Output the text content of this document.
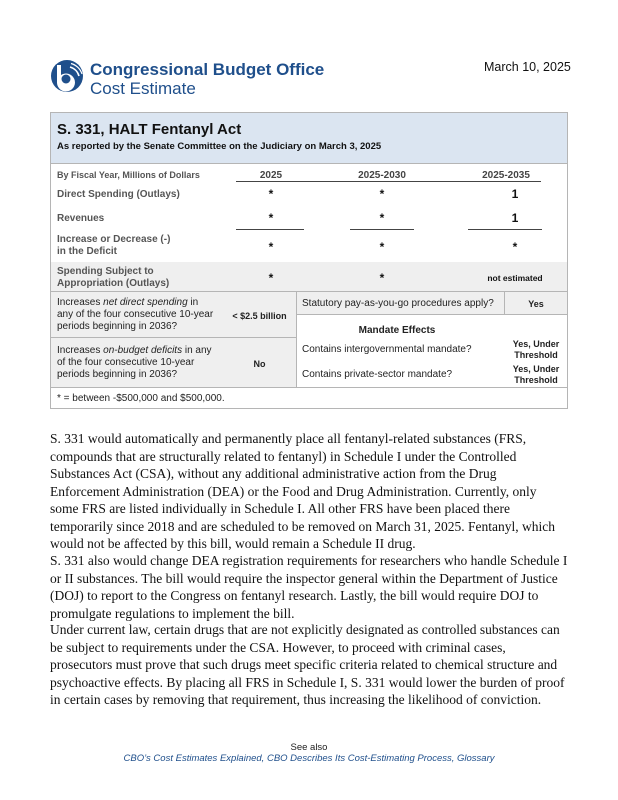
Congressional Budget Office
Cost Estimate
March 10, 2025
S. 331, HALT Fentanyl Act
As reported by the Senate Committee on the Judiciary on March 3, 2025
By Fiscal Year, Millions of Dollars	2025	2025-2030	2025-2035
Direct Spending (Outlays)	*	*	1
Revenues	*	*	1
Increase or Decrease (-)
in the Deficit	*	*	*
Spending Subject to
Appropriation (Outlays)	*	*	not estimated
Increases net direct spending in any of the four consecutive 10-year periods beginning in 2036?
< $2.5 billion
Increases on-budget deficits in any of the four consecutive 10-year periods beginning in 2036?
No
Statutory pay-as-you-go procedures apply?	Yes
Mandate Effects
Contains intergovernmental mandate?	Yes, Under
Threshold
Contains private-sector mandate?	Yes, Under
Threshold
* = between -$500,000 and $500,000.

S. 331 would automatically and permanently place all fentanyl-related substances (FRS, compounds that are structurally related to fentanyl) in Schedule I under the Controlled Substances Act (CSA), without any additional administrative action from the Drug Enforcement Administration (DEA) or the Food and Drug Administration. Currently, only some FRS are listed individually in Schedule I. All other FRS have been placed there temporarily since 2018 and are scheduled to be removed on March 31, 2025. Fentanyl, which would not be affected by this bill, would remain a Schedule II drug.

S. 331 also would change DEA registration requirements for researchers who handle Schedule I or II substances. The bill would require the inspector general within the Department of Justice (DOJ) to report to the Congress on fentanyl research. Lastly, the bill would require DOJ to promulgate regulations to implement the bill.

Under current law, certain drugs that are not explicitly designated as controlled substances can be subject to requirements under the CSA. However, to proceed with criminal cases, prosecutors must prove that such drugs meet specific criteria related to chemical structure and psychoactive effects. By placing all FRS in Schedule I, S. 331 would lower the burden of proof in certain cases by removing that requirement, thus increasing the likelihood of conviction.

See also
CBO’s Cost Estimates Explained, CBO Describes Its Cost-Estimating Process, Glossary
